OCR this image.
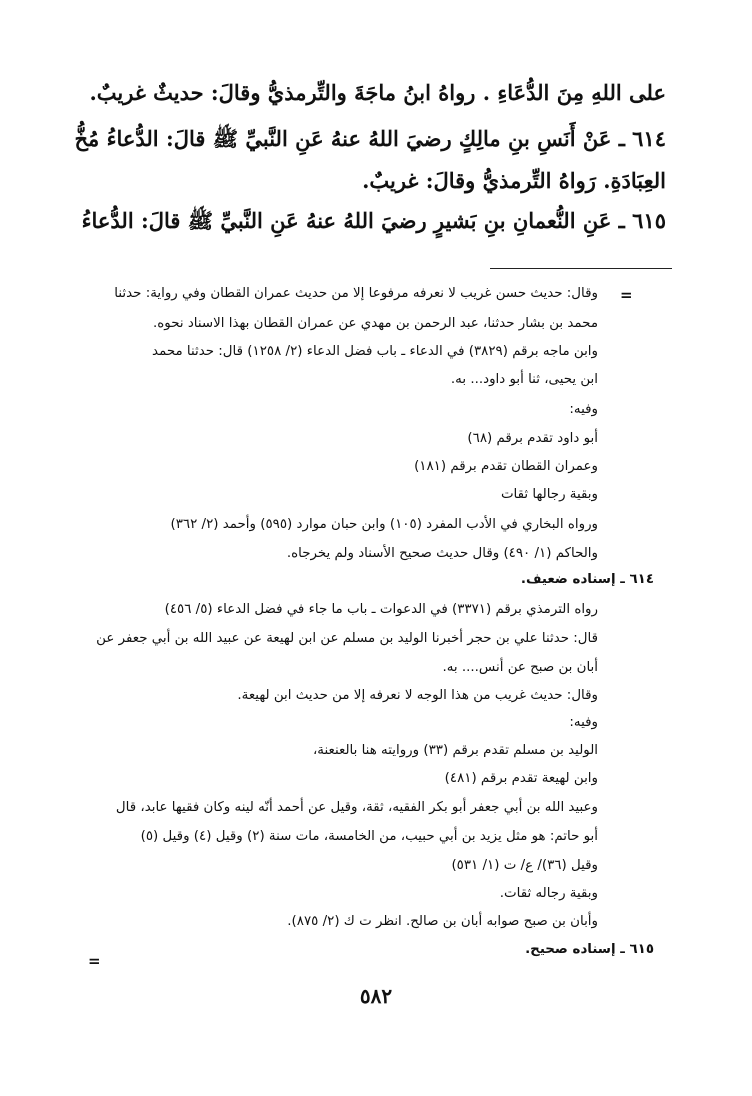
على اللهِ مِنَ الدُّعَاءِ . رواهُ ابنُ ماجَةَ والتِّرمذيُّ وقالَ: حديثٌ غريبٌ.
٦١٤ ـ عَنْ أَنَسِ بنِ مالِكٍ رضيَ اللهُ عنهُ عَنِ النَّبيِّ ﷺ قالَ: الدُّعاءُ مُخُّ
العِبَادَةِ. رَواهُ التِّرمذيُّ وقالَ: غريبٌ.
٦١٥ ـ عَنِ النُّعمانِ بنِ بَشيرٍ رضيَ اللهُ عنهُ عَنِ النَّبيِّ ﷺ قالَ: الدُّعاءُ
=
وقال: حديث حسن غريب لا نعرفه مرفوعا إلا من حديث عمران القطان وفي رواية: حدثنا
محمد بن بشار حدثنا، عبد الرحمن بن مهدي عن عمران القطان بهذا الاسناد نحوه.
وابن ماجه برقم (٣٨٢٩) في الدعاء ـ باب فضل الدعاء (٢/ ١٢٥٨) قال: حدثنا محمد
ابن يحيى، ثنا أبو داود... به.
وفيه:
أبو داود تقدم برقم (٦٨)
وعمران القطان تقدم برقم (١٨١)
وبقية رجالها ثقات
ورواه البخاري في الأدب المفرد (١٠٥) وابن حبان موارد (٥٩٥) وأحمد (٢/ ٣٦٢)
والحاكم (١/ ٤٩٠) وقال حديث صحيح الأسناد ولم يخرجاه.
٦١٤ ـ إسناده ضعيف.
رواه الترمذي برقم (٣٣٧١) في الدعوات ـ باب ما جاء في فضل الدعاء (٥/ ٤٥٦)
قال: حدثنا علي بن حجر أخبرنا الوليد بن مسلم عن ابن لهيعة عن عبيد الله بن أبي جعفر عن
أبان بن صبح عن أنس.... به.
وقال: حديث غريب من هذا الوجه لا نعرفه إلا من حديث ابن لهيعة.
وفيه:
الوليد بن مسلم تقدم برقم (٣٣) وروايته هنا بالعنعنة،
وابن لهيعة تقدم برقم (٤٨١)
وعبيد الله بن أبي جعفر أبو بكر الفقيه، ثقة، وقيل عن أحمد أنّه لينه وكان فقيها عابد، قال
أبو حاتم: هو مثل يزيد بن أبي حبيب، من الخامسة، مات سنة (٢) وقيل (٤) وقيل (٥)
وقيل (٣٦)/ ع/ ت (١/ ٥٣١)
وبقية رجاله ثقات.
وأبان بن صبح صوابه أبان بن صالح. انظر ت ك (٢/ ٨٧٥).
٦١٥ ـ إسناده صحيح.
=
٥٨٢
